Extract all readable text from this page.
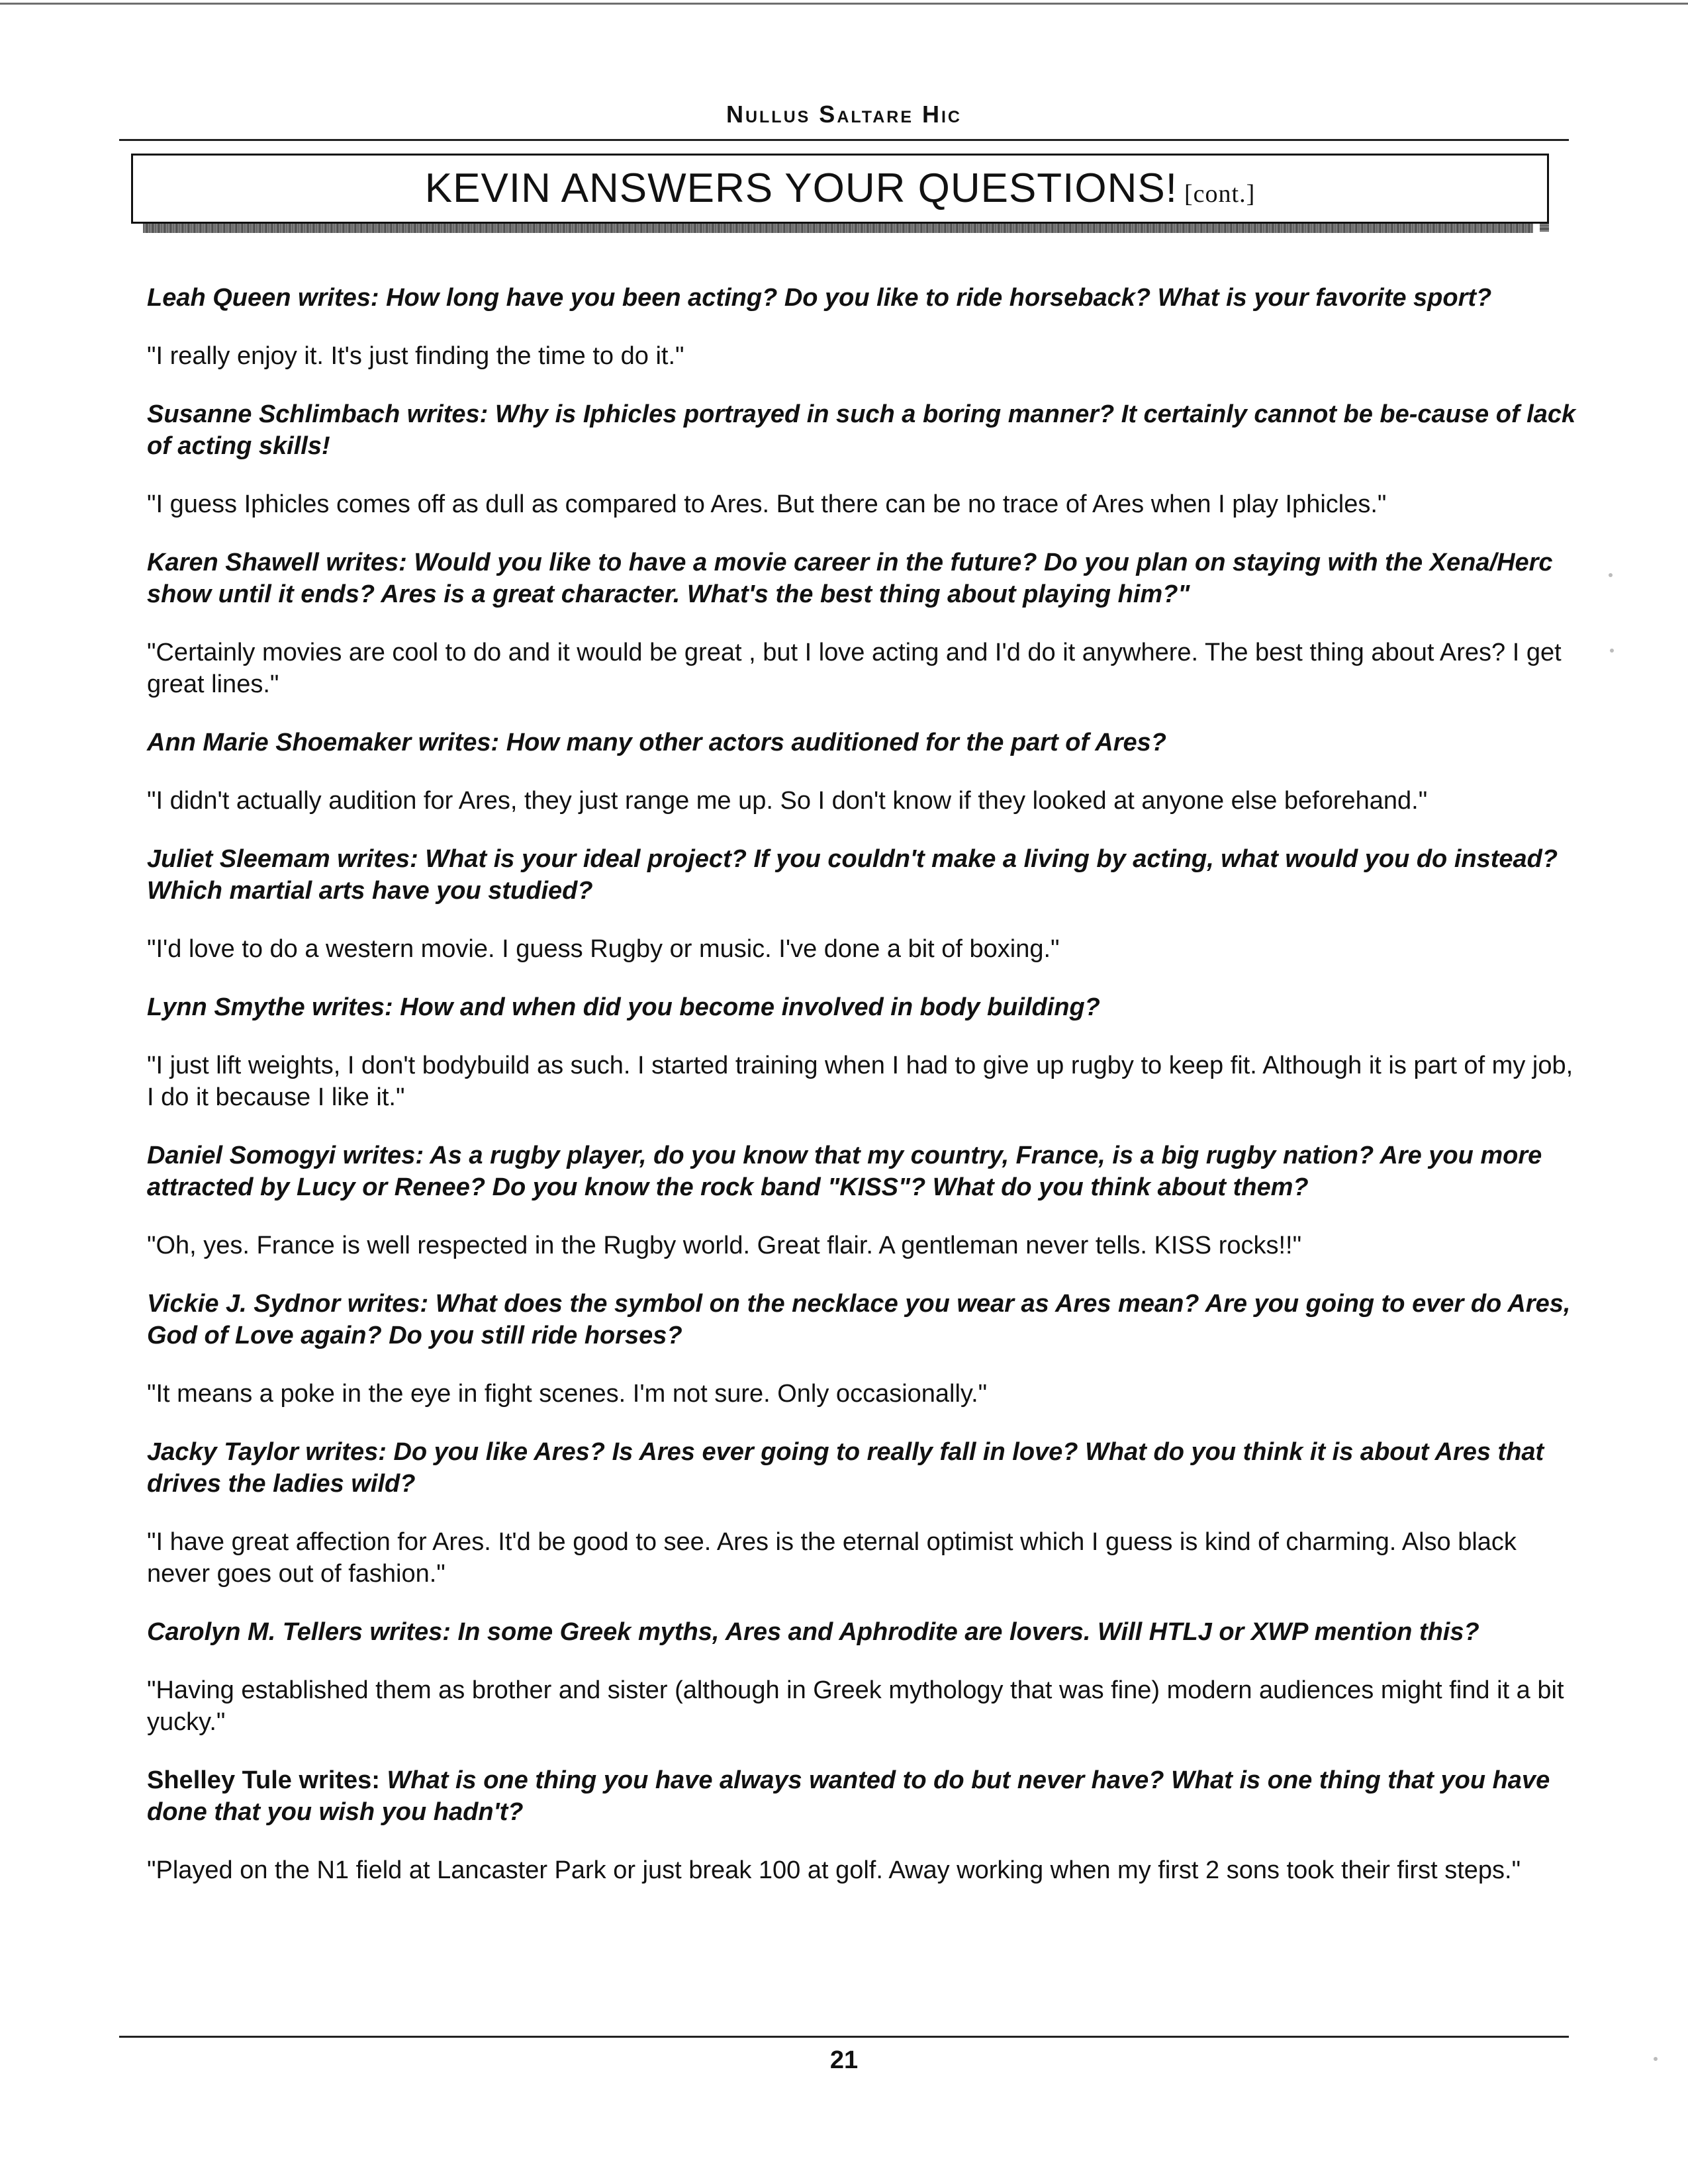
Nullus Saltare Hic
KEVIN ANSWERS YOUR QUESTIONS! [cont.]

Leah Queen writes: How long have you been acting? Do you like to ride horseback? What is your favorite sport?

"I really enjoy it. It's just finding the time to do it."

Susanne Schlimbach writes: Why is Iphicles portrayed in such a boring manner? It certainly cannot be be-cause of lack of acting skills!

"I guess Iphicles comes off as dull as compared to Ares. But there can be no trace of Ares when I play Iphicles."

Karen Shawell writes: Would you like to have a movie career in the future? Do you plan on staying with the Xena/Herc show until it ends? Ares is a great character. What's the best thing about playing him?"

"Certainly movies are cool to do and it would be great , but I love acting and I'd do it anywhere. The best thing about Ares? I get great lines."

Ann Marie Shoemaker writes: How many other actors auditioned for the part of Ares?

"I didn't actually audition for Ares, they just range me up. So I don't know if they looked at anyone else beforehand."

Juliet Sleemam writes: What is your ideal project? If you couldn't make a living by acting, what would you do instead? Which martial arts have you studied?

"I'd love to do a western movie. I guess Rugby or music. I've done a bit of boxing."

Lynn Smythe writes: How and when did you become involved in body building?

"I just lift weights, I don't bodybuild as such. I started training when I had to give up rugby to keep fit. Although it is part of my job, I do it because I like it."

Daniel Somogyi writes: As a rugby player, do you know that my country, France, is a big rugby nation? Are you more attracted by Lucy or Renee? Do you know the rock band "KISS"? What do you think about them?

"Oh, yes. France is well respected in the Rugby world. Great flair. A gentleman never tells. KISS rocks!!"

Vickie J. Sydnor writes: What does the symbol on the necklace you wear as Ares mean? Are you going to ever do Ares, God of Love again? Do you still ride horses?

"It means a poke in the eye in fight scenes. I'm not sure. Only occasionally."

Jacky Taylor writes: Do you like Ares? Is Ares ever going to really fall in love? What do you think it is about Ares that drives the ladies wild?

"I have great affection for Ares. It'd be good to see. Ares is the eternal optimist which I guess is kind of charming. Also black never goes out of fashion."

Carolyn M. Tellers writes: In some Greek myths, Ares and Aphrodite are lovers. Will HTLJ or XWP mention this?

"Having established them as brother and sister (although in Greek mythology that was fine) modern audiences might find it a bit yucky."

Shelley Tule writes: What is one thing you have always wanted to do but never have? What is one thing that you have done that you wish you hadn't?

"Played on the N1 field at Lancaster Park or just break 100 at golf. Away working when my first 2 sons took their first steps."

21
